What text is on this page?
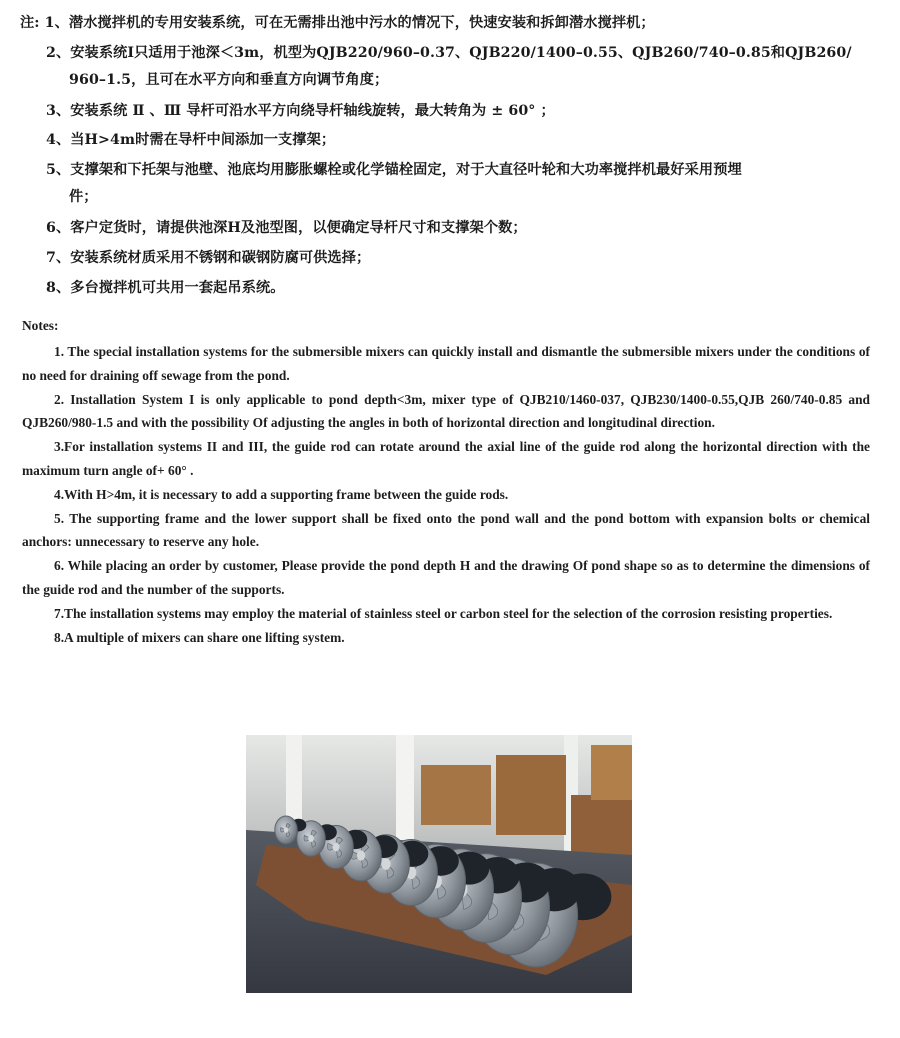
注: 1、潜水搅拌机的专用安装系统，可在无需排出池中污水的情况下，快速安装和拆卸潜水搅拌机；
2、安装系统I只适用于池深＜3m，机型为QJB220/960–0.37、QJB220/1400–0.55、QJB260/740–0.85和QJB260/
960–1.5，且可在水平方向和垂直方向调节角度；
3、安装系统 Ⅱ 、Ⅲ 导杆可沿水平方向绕导杆轴线旋转，最大转角为 ± 60° ；
4、当H>4m时需在导杆中间添加一支撑架；
5、支撑架和下托架与池壁、池底均用膨胀螺栓或化学锚栓固定，对于大直径叶轮和大功率搅拌机最好采用预埋
件；
6、客户定货时，请提供池深H及池型图，以便确定导杆尺寸和支撑架个数；
7、安装系统材质采用不锈钢和碳钢防腐可供选择；
8、多台搅拌机可共用一套起吊系统。
Notes:

1. The special installation systems for the submersible mixers can quickly install and dismantle the submersible mixers under the conditions of no need for draining off sewage from the pond.

2. Installation System I is only applicable to pond depth<3m, mixer type of QJB210/1460-037, QJB230/1400-0.55,QJB 260/740-0.85 and QJB260/980-1.5 and with the possibility Of adjusting the angles in both of horizontal direction and longitudinal direction.

3.For installation systems II and III, the guide rod can rotate around the axial line of the guide rod along the horizontal direction with the maximum turn angle of+ 60° .

4.With H>4m, it is necessary to add a supporting frame between the guide rods.

5. The supporting frame and the lower support shall be fixed onto the pond wall and the pond bottom with expansion bolts or chemical anchors: unnecessary to reserve any hole.

6. While placing an order by customer, Please provide the pond depth H and the drawing Of pond shape so as to determine the dimensions of the guide rod and the number of the supports.

7.The installation systems may employ the material of stainless steel or carbon steel for the selection of the corrosion resisting properties.

8.A multiple of mixers can share one lifting system.
